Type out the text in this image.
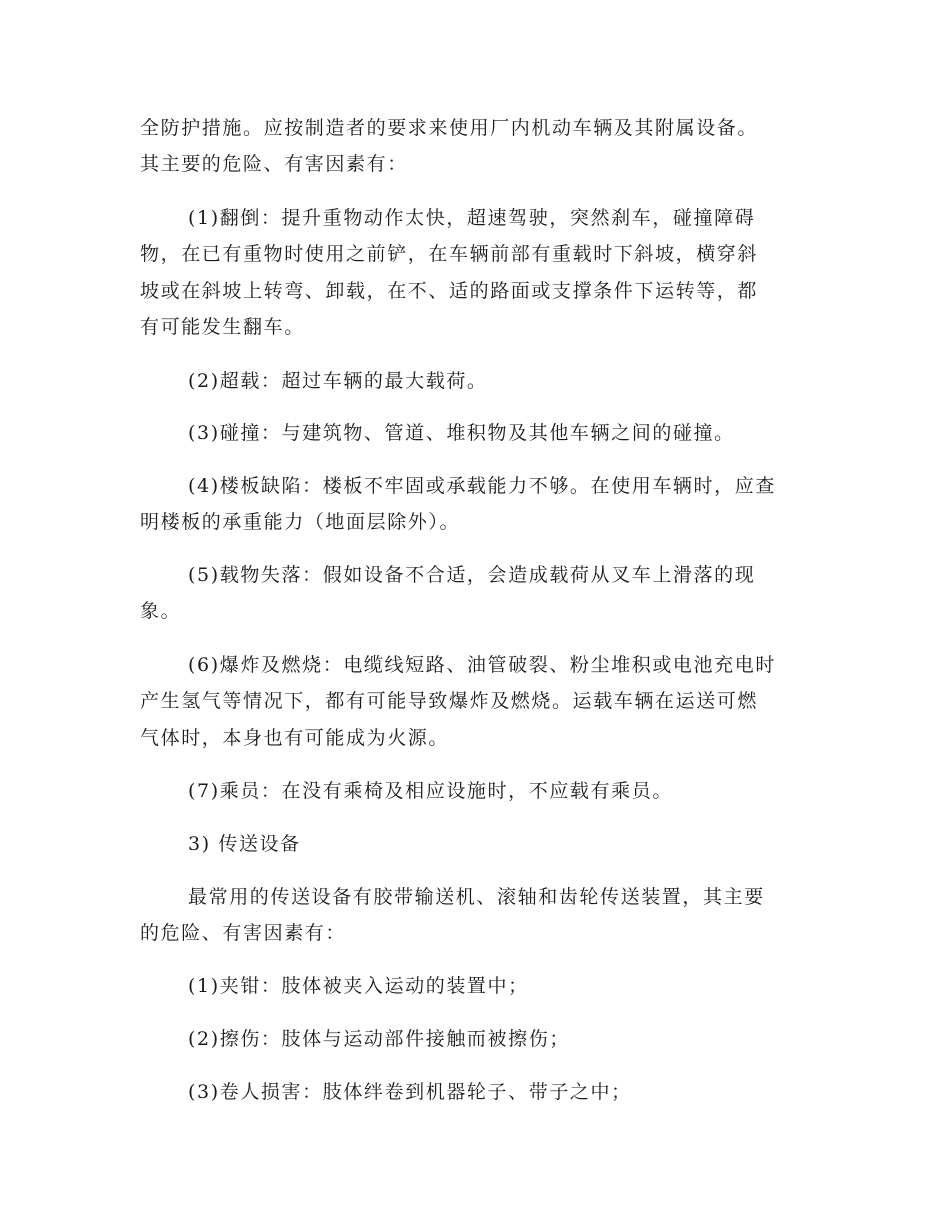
全防护措施。应按制造者的要求来使用厂内机动车辆及其附属设备。
其主要的危险、有害因素有：
(1)翻倒：提升重物动作太快，超速驾驶，突然刹车，碰撞障碍
物，在已有重物时使用之前铲，在车辆前部有重载时下斜坡，横穿斜
坡或在斜坡上转弯、卸载，在不、适的路面或支撑条件下运转等，都
有可能发生翻车。
(2)超载：超过车辆的最大载荷。
(3)碰撞：与建筑物、管道、堆积物及其他车辆之间的碰撞。
(4)楼板缺陷：楼板不牢固或承载能力不够。在使用车辆时，应查
明楼板的承重能力（地面层除外）。
(5)载物失落：假如设备不合适，会造成载荷从叉车上滑落的现
象。
(6)爆炸及燃烧：电缆线短路、油管破裂、粉尘堆积或电池充电时
产生氢气等情况下，都有可能导致爆炸及燃烧。运载车辆在运送可燃
气体时，本身也有可能成为火源。
(7)乘员：在没有乘椅及相应设施时，不应载有乘员。
3) 传送设备
最常用的传送设备有胶带输送机、滚轴和齿轮传送装置，其主要
的危险、有害因素有：
(1)夹钳：肢体被夹入运动的装置中；
(2)擦伤：肢体与运动部件接触而被擦伤；
(3)卷人损害：肢体绊卷到机器轮子、带子之中；
